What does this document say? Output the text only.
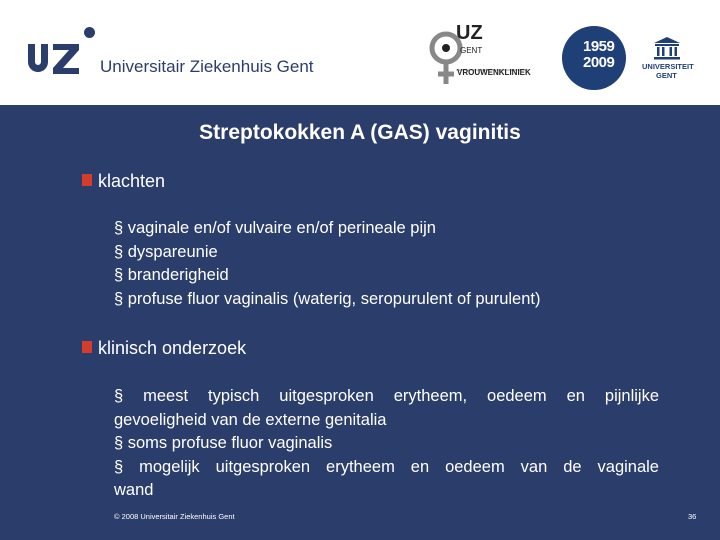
Universitair Ziekenhuis Gent
UZ
GENT
VROUWENKLINIEK
1959
2009	UNIVERSITEIT
GENT
Streptokokken A (GAS) vaginitis
klachten
§ vaginale en/of vulvaire en/of perineale pijn
§ dyspareunie
§ branderigheid
§ profuse fluor vaginalis (waterig, seropurulent of purulent)
klinisch onderzoek
§ meest typisch uitgesproken erytheem, oedeem en pijnlijke
gevoeligheid van de externe genitalia
§ soms profuse fluor vaginalis
§ mogelijk uitgesproken erytheem en oedeem van de vaginale
wand
© 2008 Universitair Ziekenhuis Gent	36
